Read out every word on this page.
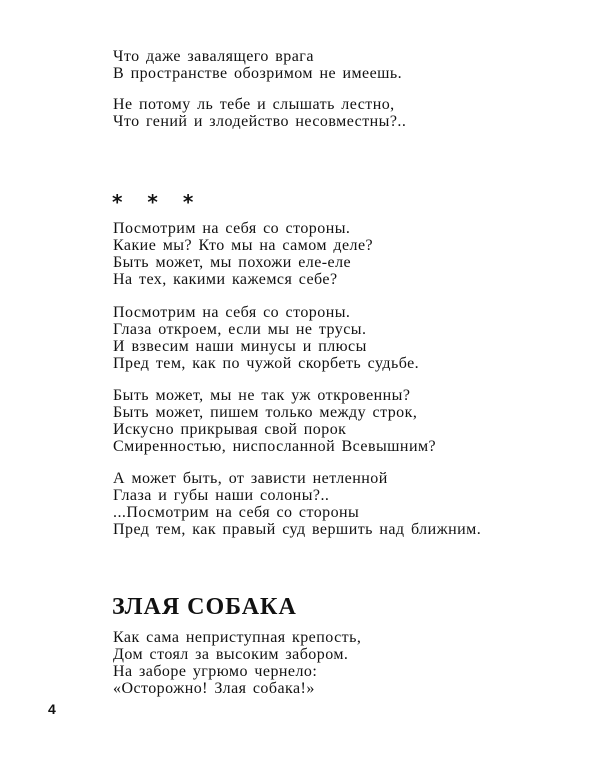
Что даже завалящего врага
В пространстве обозримом не имеешь.
Не потому ль тебе и слышать лестно,
Что гений и злодейство несовместны?..
* * *
Посмотрим на себя со стороны.
Какие мы? Кто мы на самом деле?
Быть может, мы похожи еле-еле
На тех, какими кажемся себе?
Посмотрим на себя со стороны.
Глаза откроем, если мы не трусы.
И взвесим наши минусы и плюсы
Пред тем, как по чужой скорбеть судьбе.
Быть может, мы не так уж откровенны?
Быть может, пишем только между строк,
Искусно прикрывая свой порок
Смиренностью, ниспосланной Всевышним?
А может быть, от зависти нетленной
Глаза и губы наши солоны?..
...Посмотрим на себя со стороны
Пред тем, как правый суд вершить над ближним.
ЗЛАЯ СОБАКА
Как сама неприступная крепость,
Дом стоял за высоким забором.
На заборе угрюмо чернело:
«Осторожно! Злая собака!»
4
